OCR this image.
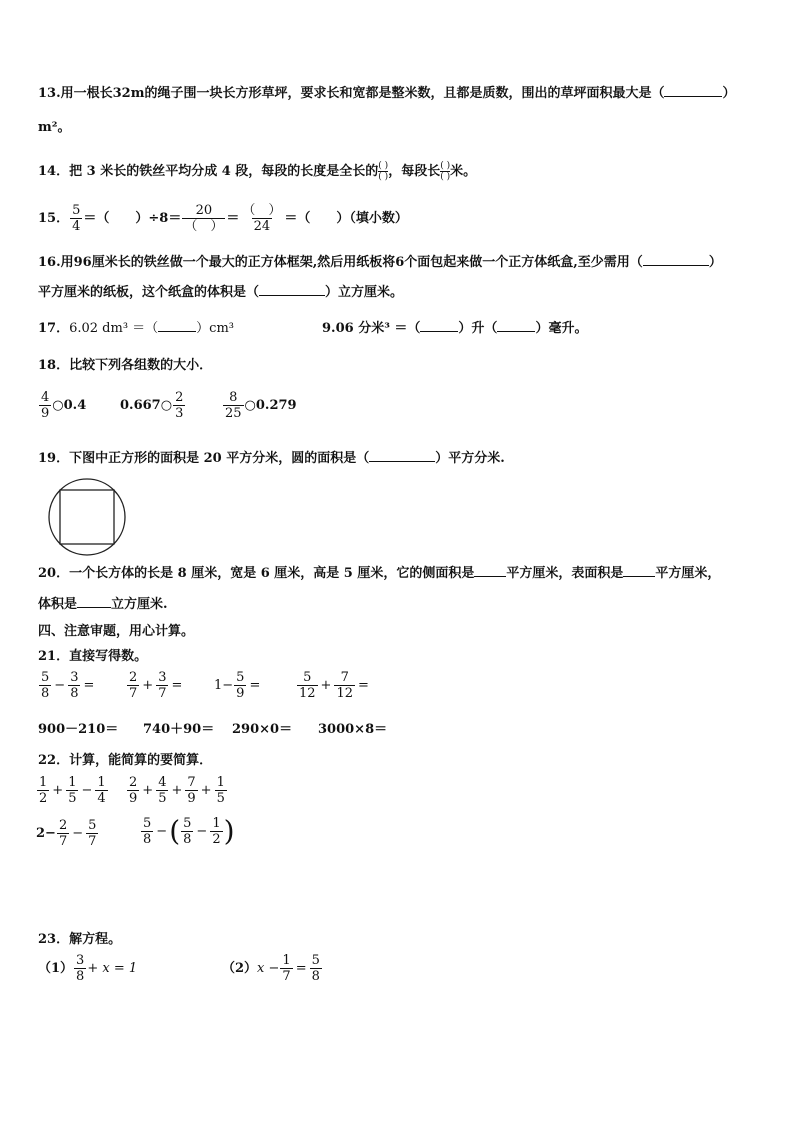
13.用一根长32m的绳子围一块长方形草坪，要求长和宽都是整米数，且都是质数，围出的草坪面积最大是（	）
m²。
14．把 3 米长的铁丝平均分成 4 段，每段的长度是全长的 ( )
( ) ，每段长 ( )
( ) 米。
15． $\frac{5}{4}$ ＝（　　）$\div 8= \frac{20}{( )} = \frac{( )}{24}$ ＝（　　）（填小数）
16.用96厘米长的铁丝做一个最大的正方体框架,然后用纸板将6个面包起来做一个正方体纸盒,至少需用（	）
平方厘米的纸板，这个纸盒的体积是（	）立方厘米。
17．6.02 dm³ ＝（	）cm³	9.06 分米³ ＝（	）升（	）毫升。
18．比较下列各组数的大小．
$\frac{4}{9}$ ○0.4	0.667○ $\frac{2}{3}$	$\frac{8}{25}$ ○0.279
19．下图中正方形的面积是 20 平方分米，圆的面积是（	）平方分米.
20．一个长方体的长是 8 厘米，宽是 6 厘米，高是 5 厘米，它的侧面积是 平方厘米，表面积是 平方厘米，
体积是	立方厘米.
四、注意审题，用心计算。
21．直接写得数。
$\frac{5}{8} - \frac{3}{8}$ =	$\frac{2}{7} + \frac{3}{7} = 1- \frac{5}{9}$ =	$\frac{5}{12} + \frac{7}{12}$ =
900－210＝ 740＋90＝ 290×0＝ 3000×8＝
22．计算，能简算的要简算．
$\frac{1}{2} + \frac{1}{5} - \frac{1}{4} \frac{2}{9} + \frac{4}{5} + \frac{7}{9} + \frac{1}{5}$
$2- \frac{2}{7} - \frac{5}{7}$	$\frac{5}{8}$ −( $\frac{5}{8} - \frac{1}{2}$ )
23．解方程。
$(1) \frac{3}{8} + x = 1$	$(2)x - \frac{1}{7} = \frac{5}{8}$
